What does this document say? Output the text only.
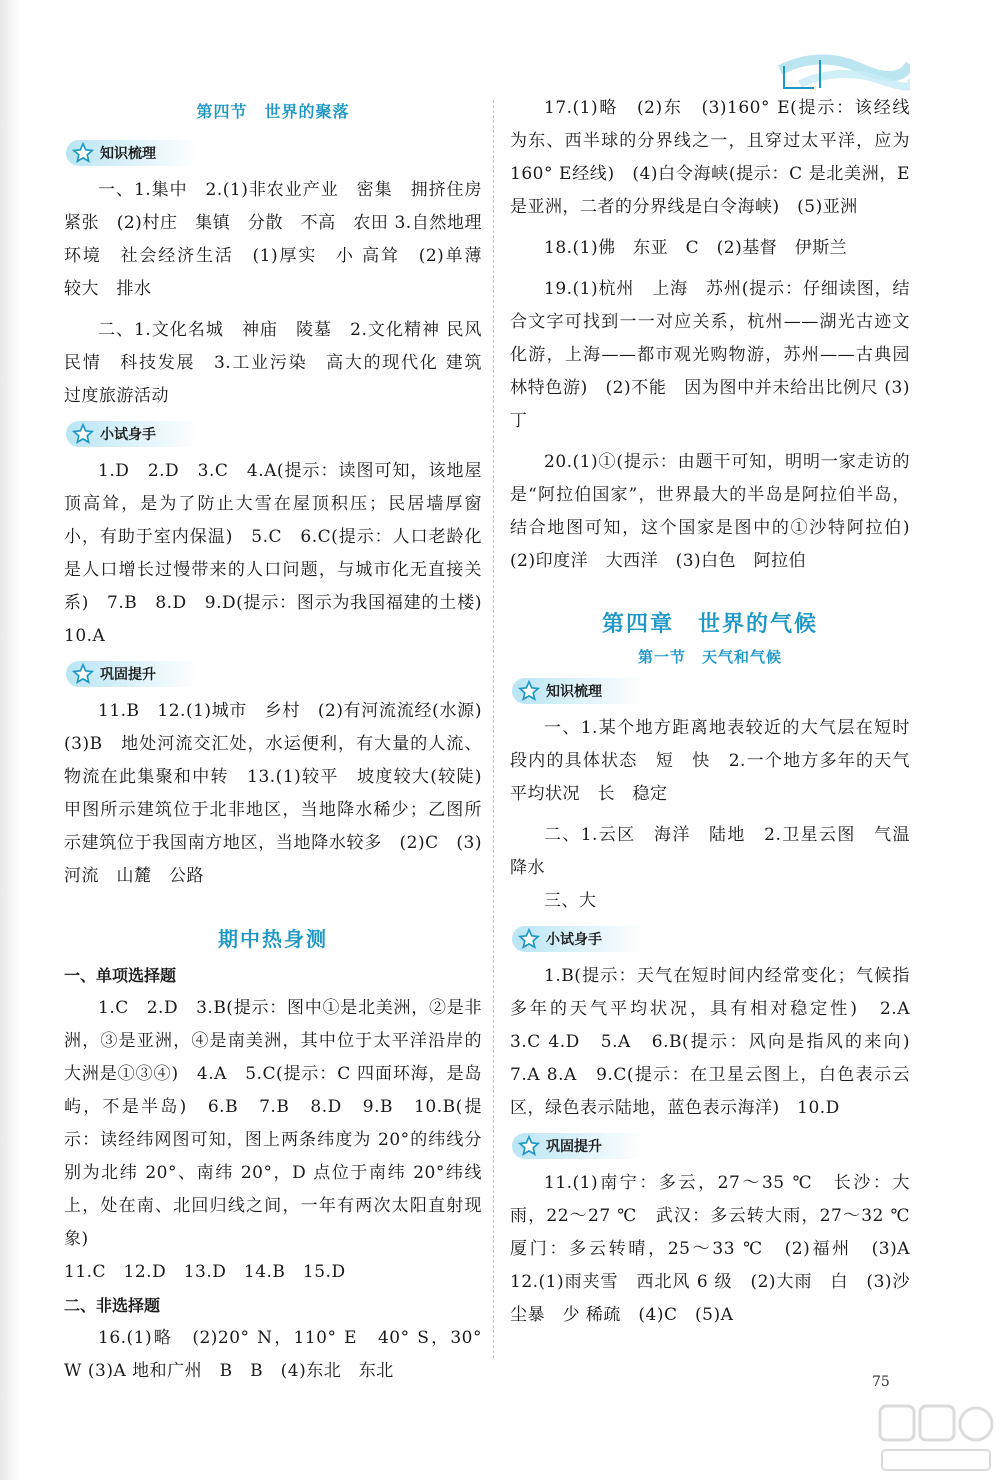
第四节　世界的聚落
知识梳理

一、1.集中　2.(1)非农业产业　密集　拥挤住房紧张　(2)村庄　集镇　分散　不高　农田 3.自然地理环境　社会经济生活　(1)厚实　小 高耸　(2)单薄　较大　排水

二、1.文化名城　神庙　陵墓　2.文化精神 民风民情　科技发展　3.工业污染　高大的现代化 建筑　过度旅游活动

小试身手

1.D　2.D　3.C　4.A(提示：读图可知，该地屋顶高耸，是为了防止大雪在屋顶积压；民居墙厚窗小，有助于室内保温)　5.C　6.C(提示：人口老龄化是人口增长过慢带来的人口问题，与城市化无直接关系)　7.B　8.D　9.D(提示：图示为我国福建的土楼)　10.A

巩固提升

11.B　12.(1)城市　乡村　(2)有河流流经(水源)　(3)B　地处河流交汇处，水运便利，有大量的人流、物流在此集聚和中转　13.(1)较平　坡度较大(较陡)　甲图所示建筑位于北非地区，当地降水稀少；乙图所示建筑位于我国南方地区，当地降水较多　(2)C　(3)河流　山麓　公路

期中热身测
一、单项选择题

1.C　2.D　3.B(提示：图中①是北美洲，②是非洲，③是亚洲，④是南美洲，其中位于太平洋沿岸的大洲是①③④)　4.A　5.C(提示：C 四面环海，是岛屿，不是半岛)　6.B　7.B　8.D　9.B　10.B(提示：读经纬网图可知，图上两条纬度为 20°的纬线分别为北纬 20°、南纬 20°，D 点位于南纬 20°纬线上，处在南、北回归线之间，一年有两次太阳直射现象)

11.C　12.D　13.D　14.B　15.D

二、非选择题

16.(1)略　(2)20° N，110° E　40° S，30° W (3)A 地和广州　B　B　(4)东北　东北

17.(1)略　(2)东　(3)160° E(提示：该经线为东、西半球的分界线之一，且穿过太平洋，应为 160° E经线)　(4)白令海峡(提示：C 是北美洲，E 是亚洲，二者的分界线是白令海峡)　(5)亚洲

18.(1)佛　东亚　C　(2)基督　伊斯兰

19.(1)杭州　上海　苏州(提示：仔细读图，结合文字可找到一一对应关系，杭州——湖光古迹文化游，上海——都市观光购物游，苏州——古典园林特色游)　(2)不能　因为图中并未给出比例尺 (3)丁

20.(1)①(提示：由题干可知，明明一家走访的是“阿拉伯国家”，世界最大的半岛是阿拉伯半岛，结合地图可知，这个国家是图中的①沙特阿拉伯) (2)印度洋　大西洋　(3)白色　阿拉伯

第四章　世界的气候
第一节　天气和气候
知识梳理

一、1.某个地方距离地表较近的大气层在短时段内的具体状态　短　快　2.一个地方多年的天气平均状况　长　稳定

二、1.云区　海洋　陆地　2.卫星云图　气温 降水

三、大

小试身手

1.B(提示：天气在短时间内经常变化；气候指多年的天气平均状况，具有相对稳定性)　2.A　3.C 4.D　5.A　6.B(提示：风向是指风的来向)　7.A 8.A　9.C(提示：在卫星云图上，白色表示云区，绿色表示陆地，蓝色表示海洋)　10.D

巩固提升

11.(1)南宁：多云，27～35 ℃　长沙：大雨，22～27 ℃　武汉：多云转大雨，27～32 ℃　厦门：多云转晴，25～33 ℃　(2)福州　(3)A　12.(1)雨夹雪　西北风 6 级　(2)大雨　白　(3)沙尘暴　少 稀疏　(4)C　(5)A

75
